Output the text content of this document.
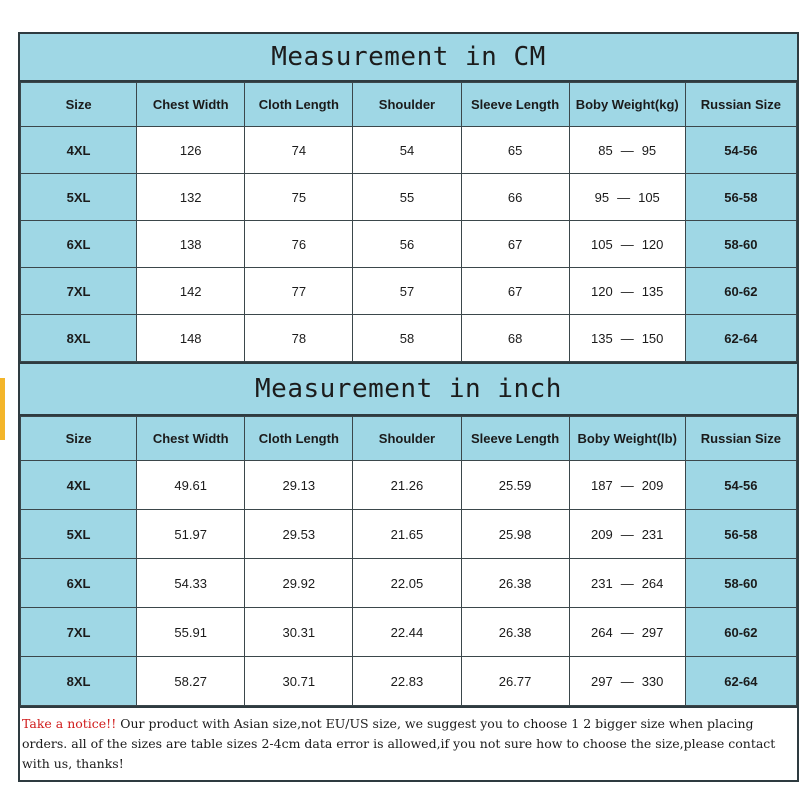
Measurement in CM
Size	Chest Width	Cloth Length	Shoulder	Sleeve Length	Boby Weight(kg)	Russian Size
4XL	126	74	54	65	85 — 95	54-56
5XL	132	75	55	66	95 — 105	56-58
6XL	138	76	56	67	105 — 120	58-60
7XL	142	77	57	67	120 — 135	60-62
8XL	148	78	58	68	135 — 150	62-64
Measurement in inch
Size	Chest Width	Cloth Length	Shoulder	Sleeve Length	Boby Weight(lb)	Russian Size
4XL	49.61	29.13	21.26	25.59	187 — 209	54-56
5XL	51.97	29.53	21.65	25.98	209 — 231	56-58
6XL	54.33	29.92	22.05	26.38	231 — 264	58-60
7XL	55.91	30.31	22.44	26.38	264 — 297	60-62
8XL	58.27	30.71	22.83	26.77	297 — 330	62-64
Take a notice!! Our product with Asian size,not EU/US size, we suggest you to choose 1 2 bigger size when placing orders. all of the sizes are table sizes 2-4cm data error is allowed,if you not sure how to choose the size,please contact with us, thanks!
